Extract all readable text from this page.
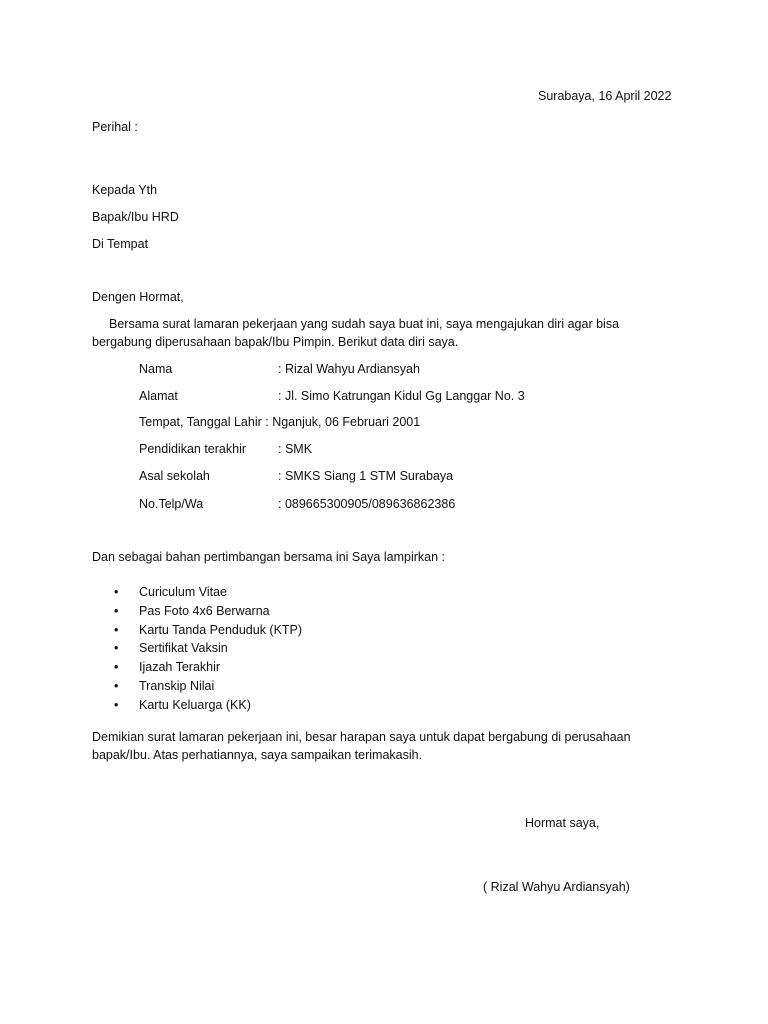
Surabaya, 16 April 2022
Perihal :
Kepada Yth
Bapak/Ibu HRD
Di Tempat
Dengen Hormat,
Bersama surat lamaran pekerjaan yang sudah saya buat ini, saya mengajukan diri agar bisa bergabung diperusahaan bapak/Ibu Pimpin. Berikut data diri saya.
Nama	: Rizal Wahyu Ardiansyah
Alamat	: Jl. Simo Katrungan Kidul Gg Langgar No. 3
Tempat, Tanggal Lahir : Nganjuk, 06 Februari 2001
Pendidikan terakhir	: SMK
Asal sekolah	: SMKS Siang 1 STM Surabaya
No.Telp/Wa	: 089665300905/089636862386
Dan sebagai bahan pertimbangan bersama ini Saya lampirkan :
• Curiculum Vitae
• Pas Foto 4x6 Berwarna
• Kartu Tanda Penduduk (KTP)
• Sertifikat Vaksin
• Ijazah Terakhir
• Transkip Nilai
• Kartu Keluarga (KK)
Demikian surat lamaran pekerjaan ini, besar harapan saya untuk dapat bergabung di perusahaan bapak/Ibu. Atas perhatiannya, saya sampaikan terimakasih.
Hormat saya,
( Rizal Wahyu Ardiansyah)
